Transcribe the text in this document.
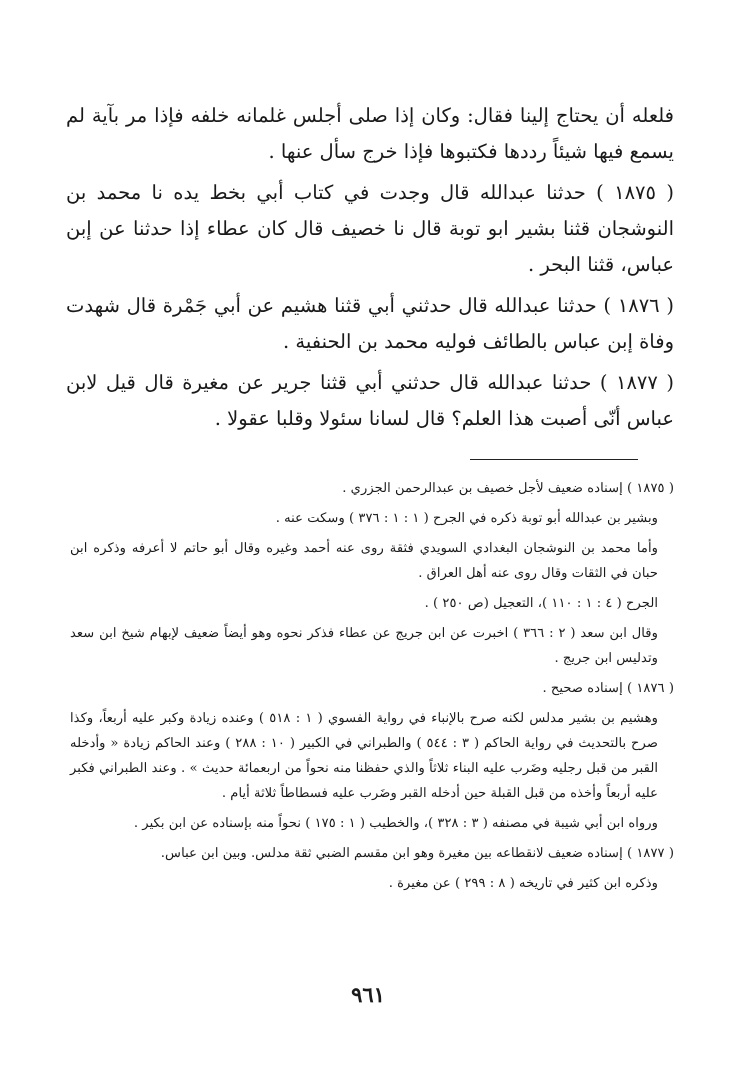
فلعله أن يحتاج إلينا فقال: وكان إذا صلى أجلس غلمانه خلفه فإذا مر بآية لم يسمع فيها شيئاً رددها فكتبوها فإذا خرج سأل عنها .

( ١٨٧٥ ) حدثنا عبدالله قال وجدت في كتاب أبي بخط يده نا محمد بن النوشجان قثنا بشير ابو توبة قال نا خصيف قال كان عطاء إذا حدثنا عن إبن عباس، قثنا البحر .

( ١٨٧٦ ) حدثنا عبدالله قال حدثني أبي قثنا هشيم عن أبي جَمْرة قال شهدت وفاة إبن عباس بالطائف فوليه محمد بن الحنفية .

( ١٨٧٧ ) حدثنا عبدالله قال حدثني أبي قثنا جرير عن مغيرة قال قيل لابن عباس أنّى أصبت هذا العلم؟ قال لسانا سئولا وقلبا عقولا .

( ١٨٧٥ ) إسناده ضعيف لأجل خصيف بن عبدالرحمن الجزري .

وبشير بن عبدالله أبو توبة ذكره في الجرح ( ١ : ١ : ٣٧٦ ) وسكت عنه .

وأما محمد بن النوشجان البغدادي السويدي فثقة روى عنه أحمد وغيره وقال أبو حاتم لا أعرفه وذكره ابن حبان في الثقات وقال روى عنه أهل العراق .

الجرح ( ٤ : ١ : ١١٠ )، التعجيل (ص ٢٥٠ ) .

وقال ابن سعد ( ٢ : ٣٦٦ ) اخبرت عن ابن جريج عن عطاء فذكر نحوه وهو أيضاً ضعيف لإبهام شيخ ابن سعد وتدليس ابن جريج .

( ١٨٧٦ ) إسناده صحيح .

وهشيم بن بشير مدلس لكنه صرح بالإنباء في رواية الفسوي ( ١ : ٥١٨ ) وعنده زيادة وكبر عليه أربعاً، وكذا صرح بالتحديث في رواية الحاكم ( ٣ : ٥٤٤ ) والطبراني في الكبير ( ١٠ : ٢٨٨ ) وعند الحاكم زيادة « وأدخله القبر من قبل رجليه وضَرب عليه البناء ثلاثاً والذي حفظنا منه نحواً من اربعمائة حديث » . وعند الطبراني فكبر عليه أربعاً وأخذه من قبل القبلة حين أدخله القبر وضَرب عليه فسطاطاً ثلاثة أيام .

ورواه ابن أبي شيبة في مصنفه ( ٣ : ٣٢٨ )، والخطيب ( ١ : ١٧٥ ) نحواً منه بإسناده عن ابن بكير .

( ١٨٧٧ ) إسناده ضعيف لانقطاعه بين مغيرة وهو ابن مقسم الضبي ثقة مدلس. وبين ابن عباس.

وذكره ابن كثير في تاريخه ( ٨ : ٢٩٩ ) عن مغيرة .

٩٦١
